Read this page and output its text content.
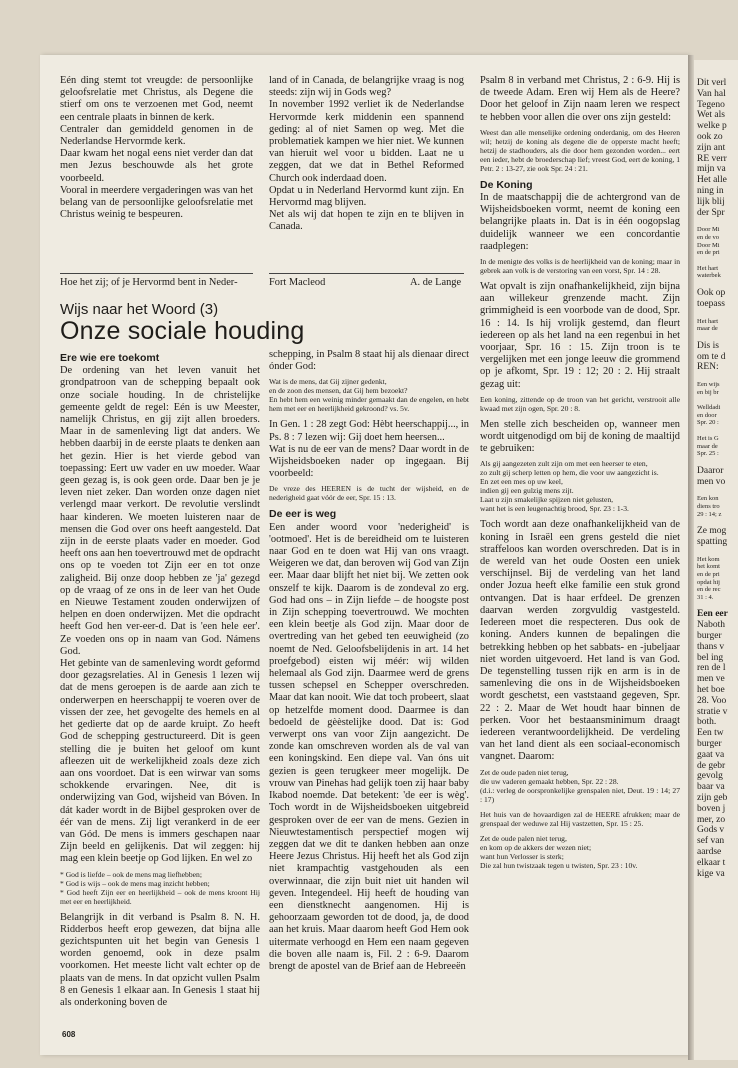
Eén ding stemt tot vreugde: de persoonlijke geloofsrelatie met Christus, als Degene die stierf om ons te verzoenen met God, neemt een centrale plaats in binnen de kerk.

Centraler dan gemiddeld genomen in de Nederlandse Hervormde kerk.

Daar kwam het nogal eens niet verder dan dat men Jezus beschouwde als het grote voorbeeld.

Vooral in meerdere vergaderingen was van het belang van de persoonlijke geloofsrelatie met Christus weinig te bespeuren.

land of in Canada, de belangrijke vraag is nog steeds: zijn wij in Gods weg?

In november 1992 verliet ik de Nederlandse Hervormde kerk middenin een spannend geding: al of niet Samen op weg. Met die problematiek kampen we hier niet. We kunnen van hieruit wel voor u bidden. Laat ne u zeggen, dat we dat in Bethel Reformed Church ook inderdaad doen.

Opdat u in Nederland Hervormd kunt zijn. En Hervormd mag blijven.

Net als wij dat hopen te zijn en te blijven in Canada.

Hoe het zij; of je Hervormd bent in Neder-	Fort Macleod	A. de Lange
Wijs naar het Woord (3)
Onze sociale houding

Ere wie ere toekomt

De ordening van het leven vanuit het grondpatroon van de schepping bepaalt ook onze sociale houding. In de christelijke gemeente geldt de regel: Eén is uw Meester, namelijk Christus, en gij zijt allen broeders. Maar in de samenleving ligt dat anders. We hebben daarbij in de eerste plaats te denken aan het gezin. Hier is het vierde gebod van toepassing: Eert uw vader en uw moeder. Waar geen gezag is, is ook geen orde. Daar ben je je leven niet zeker. Dan worden onze dagen niet verlengd maar verkort. De revolutie verslindt haar kinderen. We moeten luisteren naar de mensen die God over ons heeft aangesteld. Dat zijn in de eerste plaats vader en moeder. God heeft ons aan hen toevertrouwd met de opdracht ons op te voeden tot Zijn eer en tot onze zaligheid. Bij onze doop hebben ze 'ja' gezegd op de vraag of ze ons in de leer van het Oude en Nieuwe Testament zouden onderwijzen of helpen en doen onderwijzen. Met die opdracht heeft God hen ver-eer-d. Dat is 'een hele eer'. Ze voeden ons op in naam van God. Námens God.

Het gebinte van de samenleving wordt geformd door gezagsrelaties. Al in Genesis 1 lezen wij dat de mens geroepen is de aarde aan zich te onderwerpen en heerschappij te voeren over de vissen der zee, het gevogelte des hemels en al het gedierte dat op de aarde kruipt. Zo heeft God de schepping gestructureerd. Dit is geen stelling die je buiten het geloof om kunt afleezen uit de werkelijkheid zoals deze zich aan ons voordoet. Dat is een wirwar van soms schokkende ervaringen. Nee, dit is onderwijzing van God, wijsheid van Bóven. In dát kader wordt in de Bijbel gesproken over de éér van de mens. Zij ligt verankerd in de eer van Gód. De mens is immers geschapen naar Zijn beeld en gelijkenis. Dat wil zeggen: hij mag een klein beetje op God lijken. En wel zo

* God is liefde – ook de mens mag liefhebben;
* God is wijs – ook de mens mag inzicht hebben;
* God heeft Zijn eer en heerlijkheid – ook de mens kroont Hij met eer en heerlijkheid.

Belangrijk in dit verband is Psalm 8. N. H. Ridderbos heeft erop gewezen, dat bijna alle gezichtspunten uit het begin van Genesis 1 worden genoemd, ook in deze psalm voorkomen. Het meeste licht valt echter op de plaats van de mens. In dat opzicht vullen Psalm 8 en Genesis 1 elkaar aan. In Genesis 1 staat hij als onderkoning boven de

schepping, in Psalm 8 staat hij als dienaar direct ónder God:

Wat is de mens, dat Gij zijner gedenkt,
en de zoon des mensen, dat Gij hem bezoekt?
En hebt hem een weinig minder gemaakt dan de engelen, en hebt hem met eer en heerlijkheid gekroond? vs. 5v.

In Gen. 1 : 28 zegt God: Hèbt heerschappij..., in Ps. 8 : 7 lezen wij: Gij doet hem heersen...

Wat is nu de eer van de mens? Daar wordt in de Wijsheidsboeken nader op ingegaan. Bij voorbeeld:

De vreze des HEEREN is de tucht der wijsheid, en de nederigheid gaat vóór de eer, Spr. 15 : 13.

De eer is weg

Een ander woord voor 'nederigheid' is 'ootmoed'. Het is de bereidheid om te luisteren naar God en te doen wat Hij van ons vraagt. Weigeren we dat, dan beroven wij God van Zijn eer. Maar daar blijft het niet bij. We zetten ook onszelf te kijk. Daarom is de zondeval zo erg. God had ons – in Zijn liefde – de hoogste post in Zijn schepping toevertrouwd. We mochten een klein beetje als God zijn. Maar door de overtreding van het gebed ten eeuwigheid (zo noemt de Ned. Geloofsbelijdenis in art. 14 het proefgebod) eisten wij méér: wij wilden helemaal als God zijn. Daarmee werd de grens tussen schepsel en Schepper overschreden. Maar dat kan nooit. Wie dat toch probeert, slaat op hetzelfde moment dood. Daarmee is dan bedoeld de gèèstelijke dood. Dat is: God verwerpt ons van voor Zijn aangezicht. De zonde kan omschreven worden als de val van een koningskind. Een diepe val. Van óns uit gezien is geen terugkeer meer mogelijk. De vrouw van Pinehas had gelijk toen zij haar baby Ikabod noemde. Dat betekent: 'de eer is wèg'. Toch wordt in de Wijsheidsboeken uitgebreid gesproken over de eer van de mens. Gezien in Nieuwtestamentisch perspectief mogen wij zeggen dat we dit te danken hebben aan onze Heere Jezus Christus. Hij heeft het als God zijn niet krampachtig vastgehouden als een overwinnaar, die zijn buit niet uit handen wil geven. Integendeel. Hij heeft de houding van een dienstknecht aangenomen. Hij is gehoorzaam geworden tot de dood, ja, de dood aan het kruis. Maar daarom heeft God Hem ook uitermate verhoogd en Hem een naam gegeven die boven alle naam is, Fil. 2 : 6-9. Daarom brengt de apostel van de Brief aan de Hebreeën

Psalm 8 in verband met Christus, 2 : 6-9. Hij is de tweede Adam. Eren wij Hem als de Heere? Door het geloof in Zijn naam leren we respect te hebben voor allen die over ons zijn gesteld:

Weest dan alle menselijke ordening onderdanig, om des Heeren wil; hetzij de koning als degene die de opperste macht heeft; hetzij de stadhouders, als die door hem gezonden worden... eert een ieder, hebt de broederschap lief; vreest God, eert de koning, 1 Petr. 2 : 13-27, zie ook Spr. 24 : 21.

De Koning

In de maatschappij die de achtergrond van de Wijsheidsboeken vormt, neemt de koning een belangrijke plaats in. Dat is in één oogopslag duidelijk wanneer we een concordantie raadplegen:

In de menigte des volks is de heerlijkheid van de koning; maar in gebrek aan volk is de verstoring van een vorst, Spr. 14 : 28.

Wat opvalt is zijn onafhankelijkheid, zijn bijna aan willekeur grenzende macht. Zijn grimmigheid is een voorbode van de dood, Spr. 16 : 14. Is hij vrolijk gestemd, dan fleurt iedereen op als het land na een regenbui in het voorjaar, Spr. 16 : 15. Zijn troon is te vergelijken met een jonge leeuw die grommend op je afkomt, Spr. 19 : 12; 20 : 2. Hij straalt gezag uit:

Een koning, zittende op de troon van het gericht, verstrooit alle kwaad met zijn ogen, Spr. 20 : 8.

Men stelle zich bescheiden op, wanneer men wordt uitgenodigd om bij de koning de maaltijd te gebruiken:

Als gij aangezeten zult zijn om met een heerser te eten,
zo zult gij scherp letten op hem, die voor uw aangezicht is.
En zet een mes op uw keel,
indien gij een gulzig mens zijt.
Laat u zijn smakelijke spijzen niet gelusten,
want het is een leugenachtig brood, Spr. 23 : 1-3.

Toch wordt aan deze onafhankelijkheid van de koning in Israël een grens gesteld die niet straffeloos kan worden overschreden. Dat is in de wereld van het oude Oosten een uniek verschijnsel. Bij de verdeling van het land onder Jozua heeft elke familie een stuk grond ontvangen. Dat is haar erfdeel. De grenzen daarvan werden zorgvuldig vastgesteld. Iedereen moet die respecteren. Dus ook de koning. Anders kunnen de bepalingen die betrekking hebben op het sabbats- en -jubeljaar niet worden uitgevoerd. Het land is van God. De tegenstelling tussen rijk en arm is in de samenleving die ons in de Wijsheidsboeken wordt geschetst, een vaststaand gegeven, Spr. 22 : 2. Maar de Wet houdt haar binnen de perken. Voor het bestaansminimum draagt iedereen verantwoordelijkheid. De verdeling van het land dient als een sociaal-economisch vangnet. Daarom:

Zet de oude paden niet terug,
die uw vaderen gemaakt hebben, Spr. 22 : 28.
(d.i.: verleg de oorspronkelijke grenspalen niet, Deut. 19 : 14; 27 : 17)

Het huis van de hovaardigen zal de HEERE afrukken; maar de grenspaal der weduwe zal Hij vastzetten, Spr. 15 : 25.

Zet de oude palen niet terug,
en kom op de akkers der wezen niet;
want hun Verlosser is sterk;
Die zal hun twistzaak tegen u twisten, Spr. 23 : 10v.

608
Dit verl
Van hal
Tegeno
Wet als
welke p
ook zo
zijn ant
RE verr
mijn va
Het alle
ning in
lijk blij
der Spr
Door Mi
en de vo
Door Mi
en de pri
Het hart
waterbek
Ook op
toepass
Het hart
maar de
Dis is
om te d
REN:
Een wijs
en bij br
Welldadi
en door
Spr. 20 :
Het is G
maar de
Spr. 25 :
Daaror
men vo
Een kon
diens tro
29 : 14; z
Ze mog
spatting
Het kom
het komt
en de pri
opdat hij
en de rec
31 : 4.
Een eer
Naboth
burger
thans v
bel ing
ren de l
men ve
het boe
28. Voo
stratie v
both.
Een tw
burger
gaat va
de gebr
gevolg
baar va
zijn geb
boven j
mer, zo
Gods v
sef van
aardse
elkaar t
kige va
